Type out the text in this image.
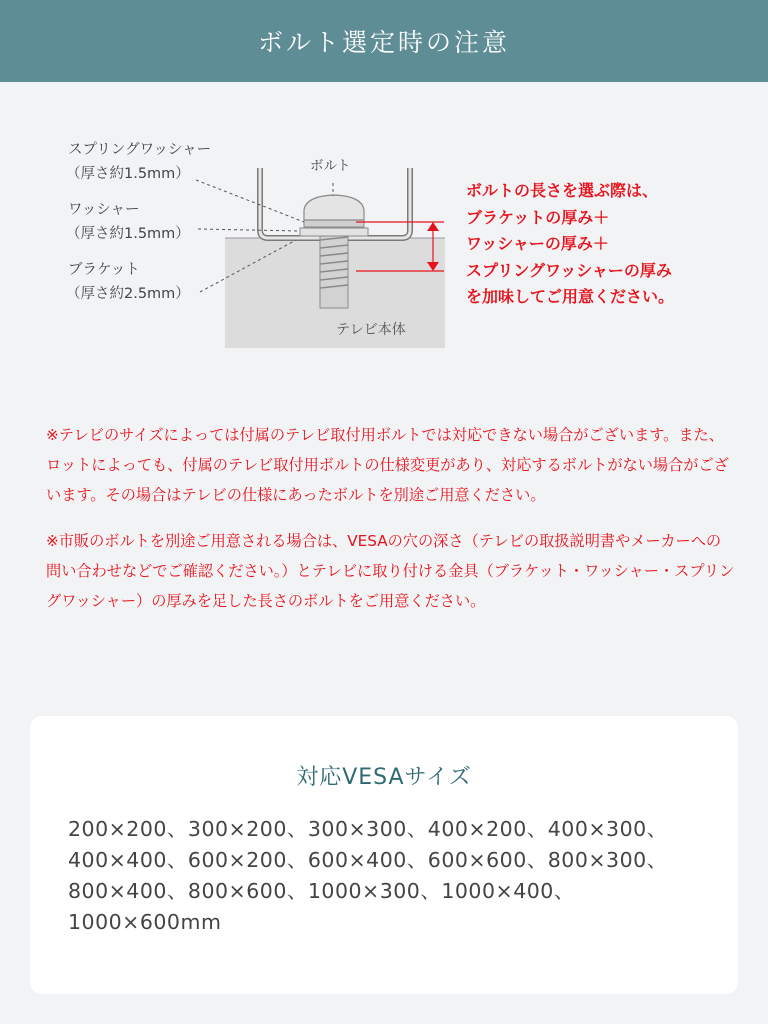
ボルト選定時の注意
スプリングワッシャー
（厚さ約1.5mm）
ワッシャー
（厚さ約1.5mm）
ブラケット
（厚さ約2.5mm）
ボルト
テレビ本体
ボルトの長さを選ぶ際は、
ブラケットの厚み＋
ワッシャーの厚み＋
スプリングワッシャーの厚み
を加味してご用意ください。

※テレビのサイズによっては付属のテレビ取付用ボルトでは対応できない場合がございます。また、ロットによっても、付属のテレビ取付用ボルトの仕様変更があり、対応するボルトがない場合がございます。その場合はテレビの仕様にあったボルトを別途ご用意ください。

※市販のボルトを別途ご用意される場合は、VESAの穴の深さ（テレビの取扱説明書やメーカーへの問い合わせなどでご確認ください。）とテレビに取り付ける金具（ブラケット・ワッシャー・スプリングワッシャー）の厚みを足した長さのボルトをご用意ください。

対応VESAサイズ
200×200、300×200、300×300、400×200、400×300、400×400、600×200、600×400、600×600、800×300、800×400、800×600、1000×300、1000×400、1000×600mm
